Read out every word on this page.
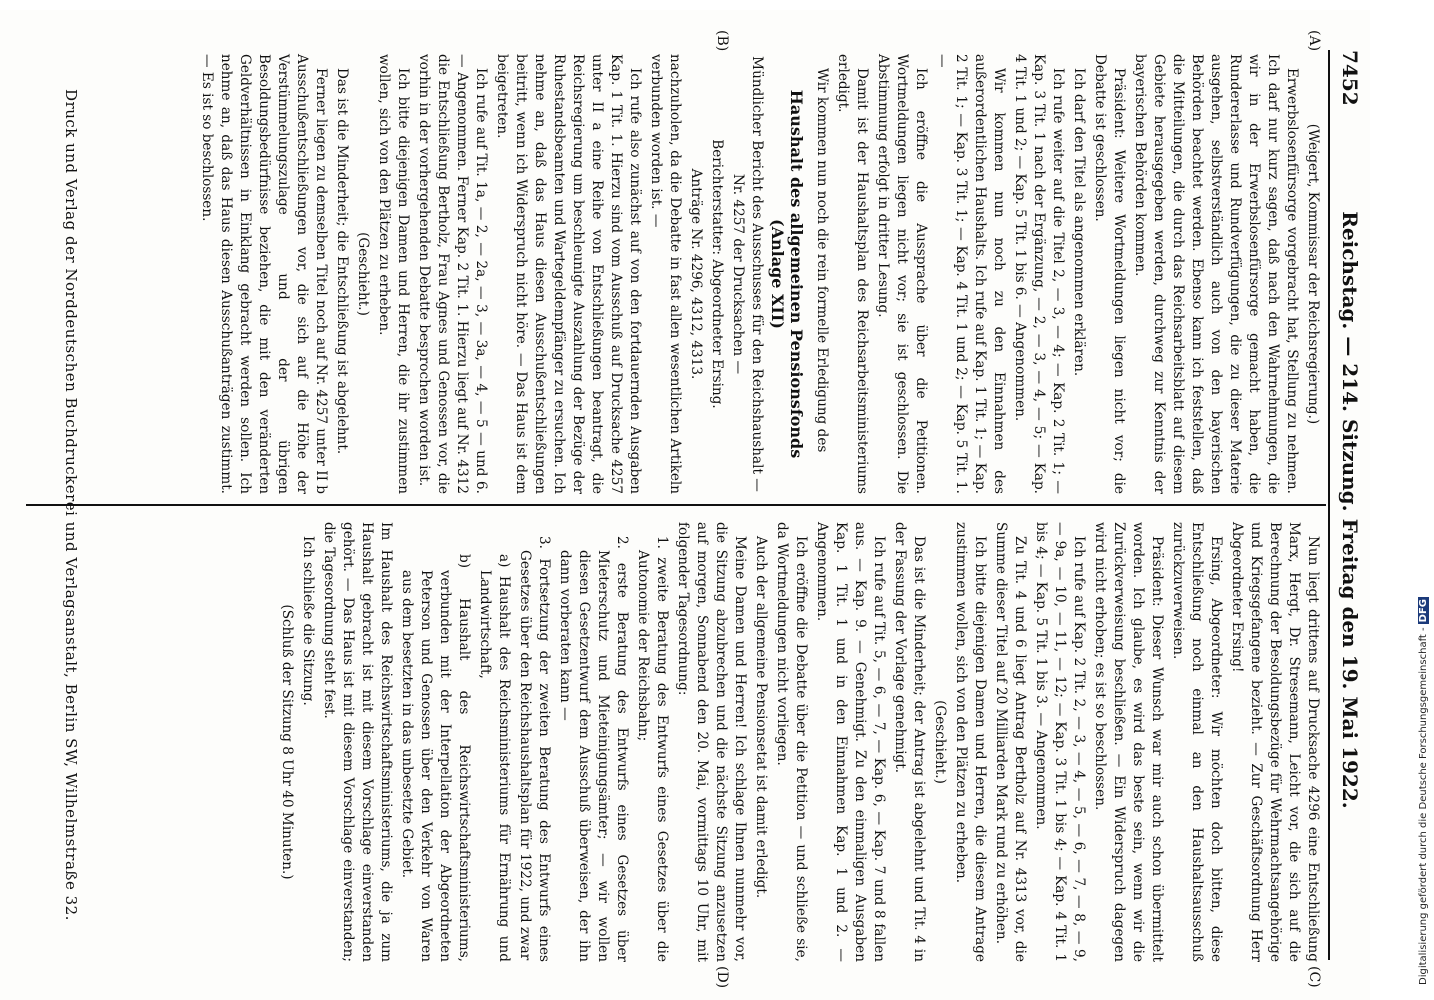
7452
Reichstag. — 214. Sitzung. Freitag den 19. Mai 1922.
(A)
(B)
(C)
(D)

(Weigert, Kommissar der Reichsregierung.)

Erwerbslosenfürsorge vorgebracht hat, Stellung zu nehmen. Ich darf nur kurz sagen, daß nach den Wahrnehmungen, die wir in der Erwerbslosenfürsorge gemacht haben, die Rundererlasse und Rundverfügungen, die zu dieser Materie ausgehen, selbstverständlich auch von den bayerischen Behörden beachtet werden. Ebenso kann ich feststellen, daß die Mitteilungen, die durch das Reichsarbeitsblatt auf diesem Gebiete herausgegeben werden, durchweg zur Kenntnis der bayerischen Behörden kommen.

Präsident: Weitere Wortmeldungen liegen nicht vor; die Debatte ist geschlossen.

Ich darf den Titel als angenommen erklären.

Ich rufe weiter auf die Titel 2, — 3, — 4; — Kap. 2 Tit. 1; — Kap. 3 Tit. 1 nach der Ergänzung, — 2, — 3, — 4, — 5; — Kap. 4 Tit. 1 und 2; — Kap. 5 Tit. 1 bis 6. — Angenommen.

Wir kommen nun noch zu den Einnahmen des außerordentlichen Haushalts. Ich rufe auf Kap. 1 Tit. 1; — Kap. 2 Tit. 1; — Kap. 3 Tit. 1; — Kap. 4 Tit. 1 und 2; — Kap. 5 Tit. 1. —

Ich eröffne die Aussprache über die Petitionen. Wortmeldungen liegen nicht vor; sie ist geschlossen. Die Abstimmung erfolgt in dritter Lesung.

Damit ist der Haushaltsplan des Reichsarbeitsministeriums erledigt.

Wir kommen nun noch die rein formelle Erledigung des

Haushalt des allgemeinen Pensionsfonds (Anlage XII)

Mündlicher Bericht des Ausschusses für den Reichshaushalt — Nr. 4257 der Drucksachen —

Berichterstatter: Abgeordneter Ersing.

Anträge Nr. 4296, 4312, 4313.

nachzuholen, da die Debatte in fast allen wesentlichen Artikeln verbunden worden ist. —

Ich rufe also zunächst auf von den fortdauernden Ausgaben Kap. 1 Tit. 1. Hierzu sind vom Ausschuß auf Drucksache 4257 unter II a eine Reihe von Entschließungen beantragt, die Reichsregierung um beschleunigte Auszahlung der Bezüge der Ruhestandsbeamten und Wartegeldempfänger zu ersuchen. Ich nehme an, daß das Haus diesen Ausschußentschließungen beitritt, wenn ich Widerspruch nicht höre. — Das Haus ist dem beigetreten.

Ich rufe auf Tit. 1a, — 2, — 2a, — 3, — 3a, — 4, — 5 — und 6. — Angenommen. Ferner Kap. 2 Tit. 1. Hierzu liegt auf Nr. 4312 die Entschließung Bertholz, Frau Agnes und Genossen vor, die vorhin in der vorhergehenden Debatte besprochen worden ist.

Ich bitte diejenigen Damen und Herren, die ihr zustimmen wollen, sich von den Plätzen zu erheben.

(Geschieht.)

Das ist die Minderheit; die Entschließung ist abgelehnt.

Ferner liegen zu demselben Titel noch auf Nr. 4257 unter II b Ausschußentschließungen vor, die sich auf die Höhe der Verstümmelungszulage und der übrigen Besoldungsbedürfnisse beziehen, die mit den veränderten Geldverhältnissen in Einklang gebracht werden sollen. Ich nehme an, daß das Haus diesen Ausschußanträgen zustimmt. — Es ist so beschlossen.

Nun liegt drittens auf Drucksache 4296 eine Entschließung Marx, Hergt, Dr. Stresemann, Leicht vor, die sich auf die Berechnung der Besoldungsbezüge für Wehrmachtsangehörige und Kriegsgefangene bezieht. — Zur Geschäftsordnung Herr Abgeordneter Ersing!

Ersing, Abgeordneter: Wir möchten doch bitten, diese Entschließung noch einmal an den Haushaltsausschuß zurückzuverweisen.

Präsident: Dieser Wunsch war mir auch schon übermittelt worden. Ich glaube, es wird das beste sein, wenn wir die Zurückverweisung beschließen. — Ein Widerspruch dagegen wird nicht erhoben; es ist so beschlossen.

Ich rufe auf Kap. 2 Tit. 2, — 3, — 4, — 5, — 6, — 7, — 8, — 9, — 9a, — 10, — 11, — 12; — Kap. 3 Tit. 1 bis 4; — Kap. 4 Tit. 1 bis 4; — Kap. 5 Tit. 1 bis 3. — Angenommen.

Zu Tit. 4 und 6 liegt Antrag Bertholz auf Nr. 4313 vor, die Summe dieser Titel auf 20 Milliarden Mark rund zu erhöhen.

Ich bitte diejenigen Damen und Herren, die diesem Antrage zustimmen wollen, sich von den Plätzen zu erheben.

(Geschieht.)

Das ist die Minderheit; der Antrag ist abgelehnt und Tit. 4 in der Fassung der Vorlage genehmigt.

Ich rufe auf Tit. 5, — 6, — 7, — Kap. 6, — Kap. 7 und 8 fallen aus. — Kap. 9. — Genehmigt. Zu den einmaligen Ausgaben Kap. 1 Tit. 1 und in den Einnahmen Kap. 1 und 2. — Angenommen.

Ich eröffne die Debatte über die Petition — und schließe sie, da Wortmeldungen nicht vorliegen.

Auch der allgemeine Pensionsetat ist damit erledigt.

Meine Damen und Herren! Ich schlage Ihnen nunmehr vor, die Sitzung abzubrechen und die nächste Sitzung anzusetzen auf morgen, Sonnabend den 20. Mai, vormittags 10 Uhr, mit folgender Tagesordnung:

1. zweite Beratung des Entwurfs eines Gesetzes über die Autonomie der Reichsbahn;

2. erste Beratung des Entwurfs eines Gesetzes über Mieterschutz und Mieteinigungsämter; — wir wollen diesen Gesetzentwurf dem Ausschuß überweisen, der ihn dann vorberaten kann —

3. Fortsetzung der zweiten Beratung des Entwurfs eines Gesetzes über den Reichshaushaltsplan für 1922, und zwar

a) Haushalt des Reichsministeriums für Ernährung und Landwirtschaft,

b) Haushalt des Reichswirtschaftsministeriums, verbunden mit der Interpellation der Abgeordneten Peterson und Genossen über den Verkehr von Waren aus dem besetzten in das unbesetzte Gebiet.

Im Haushalt des Reichswirtschaftsministeriums, die ja zum Haushalt gebracht ist mit diesem Vorschlage einverstanden gehört. — Das Haus ist mit diesem Vorschlage einverstanden; die Tagesordnung steht fest.

Ich schließe die Sitzung.

(Schluß der Sitzung 8 Uhr 40 Minuten.)

Druck und Verlag der Norddeutschen Buchdruckerei und Verlagsanstalt, Berlin SW, Wilhelmstraße 32.	Digitalisierung gefördert durch die Deutsche Forschungsgemeinschaft -DFG
